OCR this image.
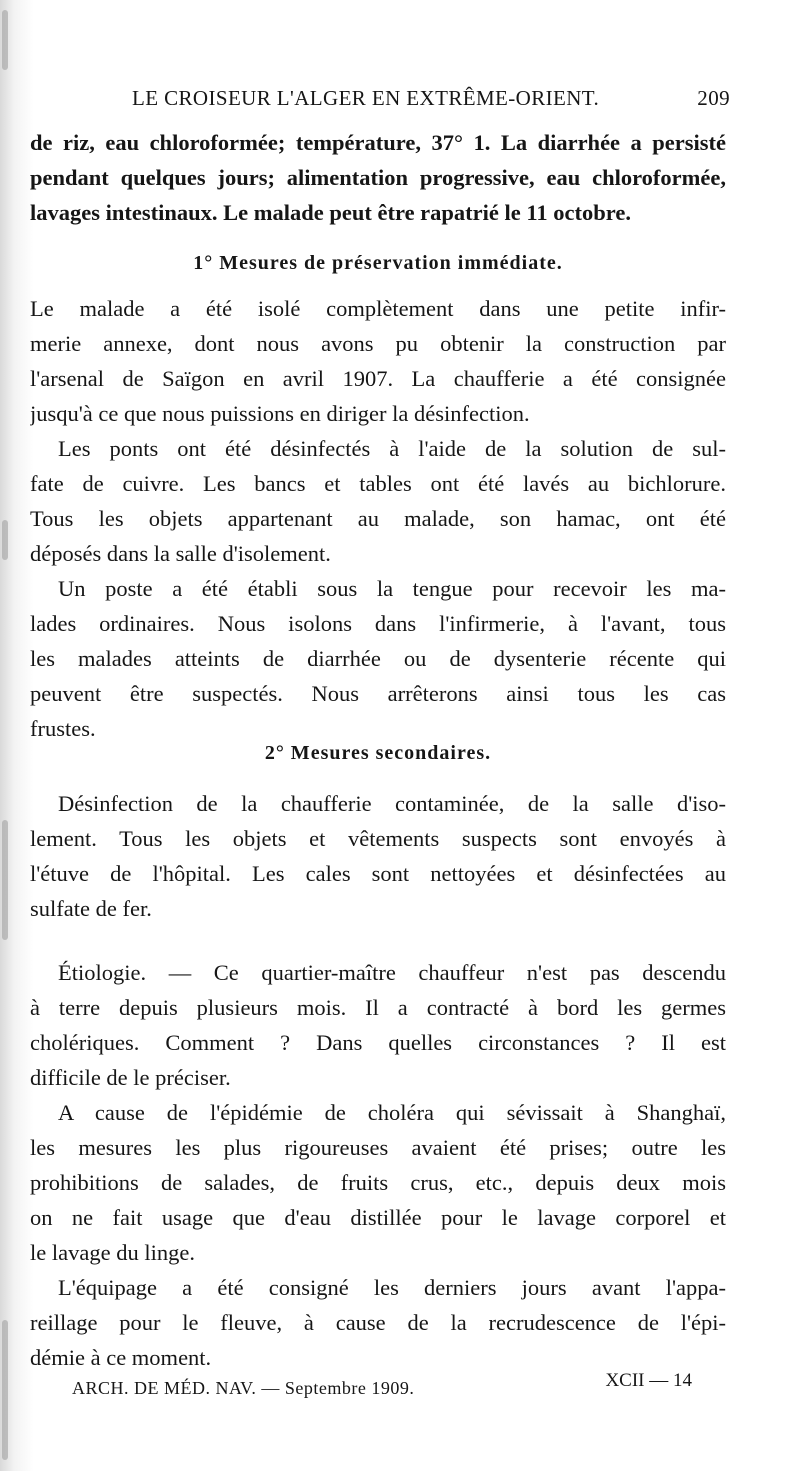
LE CROISEUR L'ALGER EN EXTRÊME-ORIENT.	209
de riz, eau chloroformée; température, 37° 1. La diarrhée a persisté
pendant quelques jours; alimentation progressive, eau chloroformée,
lavages intestinaux. Le malade peut être rapatrié le 11 octobre.
1° Mesures de préservation immédiate.
Le malade a été isolé complètement dans une petite infir-
merie annexe, dont nous avons pu obtenir la construction par
l'arsenal de Saïgon en avril 1907. La chaufferie a été consignée
jusqu'à ce que nous puissions en diriger la désinfection.
Les ponts ont été désinfectés à l'aide de la solution de sul-
fate de cuivre. Les bancs et tables ont été lavés au bichlorure.
Tous les objets appartenant au malade, son hamac, ont été
déposés dans la salle d'isolement.
Un poste a été établi sous la tengue pour recevoir les ma-
lades ordinaires. Nous isolons dans l'infirmerie, à l'avant, tous
les malades atteints de diarrhée ou de dysenterie récente qui
peuvent être suspectés. Nous arrêterons ainsi tous les cas
frustes.
2° Mesures secondaires.
Désinfection de la chaufferie contaminée, de la salle d'iso-
lement. Tous les objets et vêtements suspects sont envoyés à
l'étuve de l'hôpital. Les cales sont nettoyées et désinfectées au
sulfate de fer.
Étiologie. — Ce quartier-maître chauffeur n'est pas descendu
à terre depuis plusieurs mois. Il a contracté à bord les germes
cholériques. Comment ? Dans quelles circonstances ? Il est
difficile de le préciser.
A cause de l'épidémie de choléra qui sévissait à Shanghaï,
les mesures les plus rigoureuses avaient été prises; outre les
prohibitions de salades, de fruits crus, etc., depuis deux mois
on ne fait usage que d'eau distillée pour le lavage corporel et
le lavage du linge.
L'équipage a été consigné les derniers jours avant l'appa-
reillage pour le fleuve, à cause de la recrudescence de l'épi-
démie à ce moment.
ARCH. DE MÉD. NAV. — Septembre 1909.	XCII — 14
